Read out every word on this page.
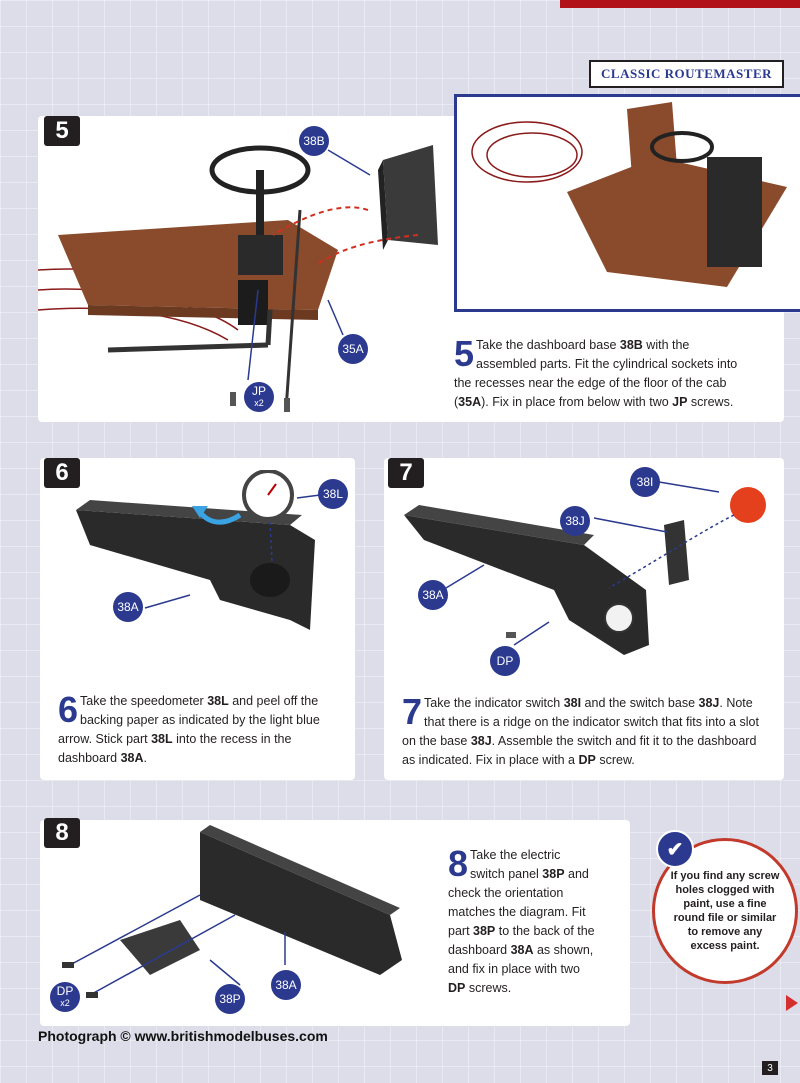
CLASSIC ROUTEMASTER
5	38B
35A
JP
x2
5 Take the dashboard base 38B with the assembled parts. Fit the cylindrical sockets into the recesses near the edge of the floor of the cab (35A). Fix in place from below with two JP screws.
6
38L
38A
6 Take the speedometer 38L and peel off the backing paper as indicated by the light blue arrow. Stick part 38L into the recess in the dashboard 38A.
7	38I
38J
38A
DP
7 Take the indicator switch 38I and the switch base 38J. Note that there is a ridge on the indicator switch that fits into a slot on the base 38J. Assemble the switch and fit it to the dashboard as indicated. Fix in place with a DP screw.
8
DP
x2	38P
38A
8 Take the electric switch panel 38P and check the orientation matches the diagram. Fit part 38P to the back of the dashboard 38A as shown, and fix in place with two DP screws.
If you find any screw holes clogged with paint, use a fine round file or similar to remove any excess paint.
✔
Photograph © www.britishmodelbuses.com
3
